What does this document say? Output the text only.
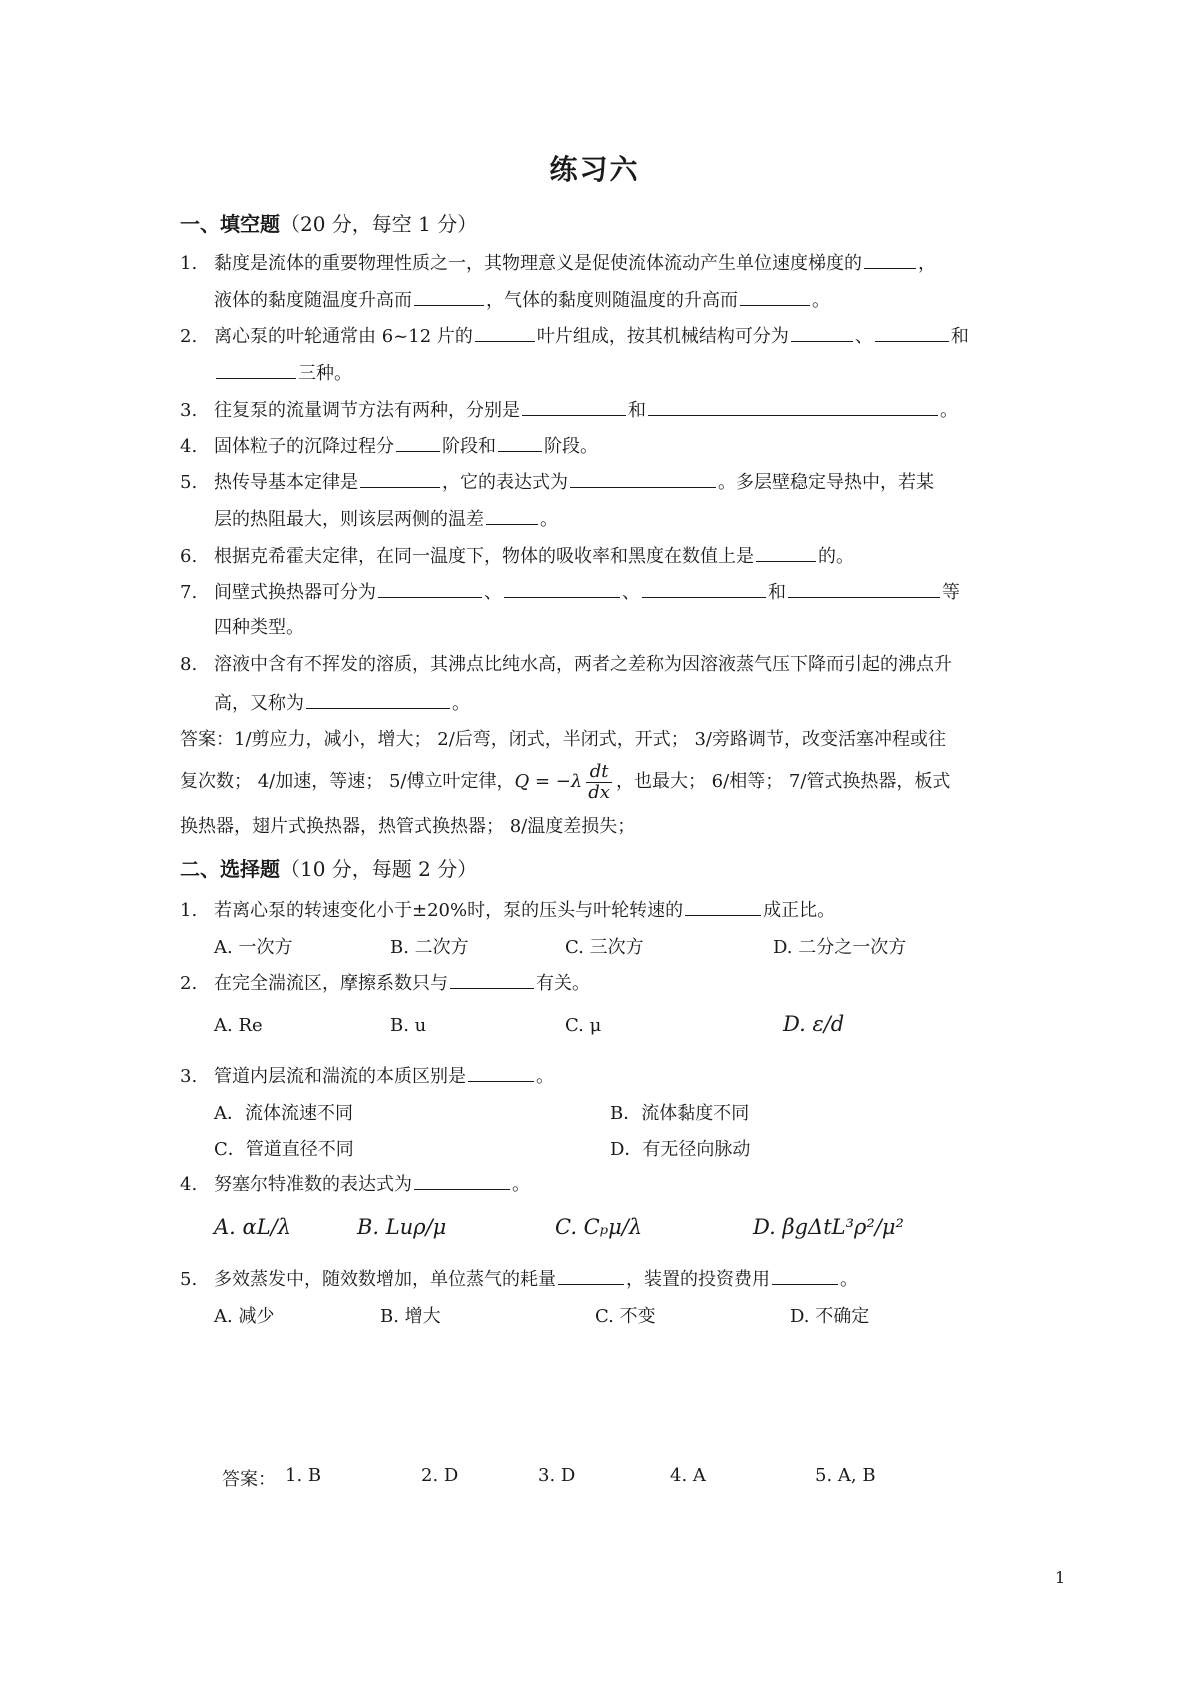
练习六
一、填空题（20 分，每空 1 分）
1. 黏度是流体的重要物理性质之一，其物理意义是促使流体流动产生单位速度梯度的	，
液体的黏度随温度升高而	，气体的黏度则随温度的升高而	。
2. 离心泵的叶轮通常由 6~12 片的	叶片组成，按其机械结构可分为	、	和
三种。
3. 往复泵的流量调节方法有两种，分别是	和	。
4. 固体粒子的沉降过程分	阶段和	阶段。
5. 热传导基本定律是	，它的表达式为	。多层壁稳定导热中，若某
层的热阻最大，则该层两侧的温差	。
6. 根据克希霍夫定律，在同一温度下，物体的吸收率和黑度在数值上是	的。
7. 间壁式换热器可分为	、	、	和	等
四种类型。
8. 溶液中含有不挥发的溶质，其沸点比纯水高，两者之差称为因溶液蒸气压下降而引起的沸点升
高，又称为	。
答案：1/剪应力，减小，增大； 2/后弯，闭式，半闭式，开式； 3/旁路调节，改变活塞冲程或往
复次数； 4/加速，等速； 5/傅立叶定律，$Q = -\lambda \frac{dt}{dx}$ ，也最大； 6/相等； 7/管式换热器，板式
换热器，翅片式换热器，热管式换热器； 8/温度差损失；
二、选择题（10 分，每题 2 分）
1. 若离心泵的转速变化小于±20%时，泵的压头与叶轮转速的	成正比。
A. 一次方	B. 二次方	C. 三次方	D. 二分之一次方
2. 在完全湍流区，摩擦系数只与	有关。
A. Re	B. u	C. μ	D. ε/d
3. 管道内层流和湍流的本质区别是	。
A．流体流速不同	B．流体黏度不同
C．管道直径不同	D．有无径向脉动
4. 努塞尔特准数的表达式为	。
A. αL/λ	B. Luρ/μ	C. Cₚμ/λ	D. βgΔtL³ρ²/μ²
5. 多效蒸发中，随效数增加，单位蒸气的耗量	，装置的投资费用	。
A. 减少	B. 增大	C. 不变	D. 不确定
答案： 1. B	2. D	3. D	4. A	5. A, B
1
